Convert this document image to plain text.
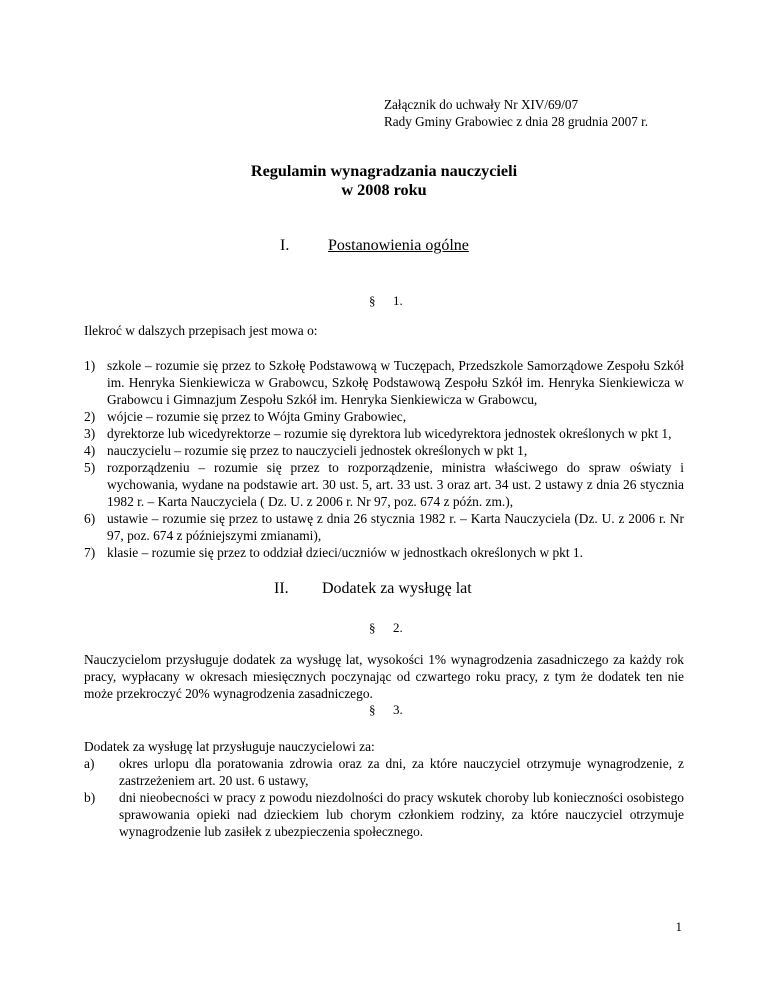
Załącznik do uchwały Nr XIV/69/07
Rady Gminy Grabowiec z dnia 28 grudnia 2007 r.
Regulamin wynagradzania nauczycieli
w 2008 roku
I. Postanowienia ogólne
§ 1.
Ilekroć w dalszych przepisach jest mowa o:
1) szkole – rozumie się przez to Szkołę Podstawową w Tuczępach, Przedszkole Samorządowe Zespołu Szkół im. Henryka Sienkiewicza w Grabowcu, Szkołę Podstawową Zespołu Szkół im. Henryka Sienkiewicza w Grabowcu i Gimnazjum Zespołu Szkół im. Henryka Sienkiewicza w Grabowcu,
2) wójcie – rozumie się przez to Wójta Gminy Grabowiec,
3) dyrektorze lub wicedyrektorze – rozumie się dyrektora lub wicedyrektora jednostek określonych w pkt 1,
4) nauczycielu – rozumie się przez to nauczycieli jednostek określonych w pkt 1,
5) rozporządzeniu – rozumie się przez to rozporządzenie, ministra właściwego do spraw oświaty i wychowania, wydane na podstawie art. 30 ust. 5, art. 33 ust. 3 oraz art. 34 ust. 2 ustawy z dnia 26 stycznia 1982 r. – Karta Nauczyciela ( Dz. U. z 2006 r. Nr 97, poz. 674 z późn. zm.),
6) ustawie – rozumie się przez to ustawę z dnia 26 stycznia 1982 r. – Karta Nauczyciela (Dz. U. z 2006 r. Nr 97, poz. 674 z późniejszymi zmianami),
7) klasie – rozumie się przez to oddział dzieci/uczniów w jednostkach określonych w pkt 1.
II. Dodatek za wysługę lat
§ 2.
Nauczycielom przysługuje dodatek za wysługę lat, wysokości 1% wynagrodzenia zasadniczego za każdy rok pracy, wypłacany w okresach miesięcznych poczynając od czwartego roku pracy, z tym że dodatek ten nie może przekroczyć 20% wynagrodzenia zasadniczego.
§ 3.
Dodatek za wysługę lat przysługuje nauczycielowi za:
a) okres urlopu dla poratowania zdrowia oraz za dni, za które nauczyciel otrzymuje wynagrodzenie, z zastrzeżeniem art. 20 ust. 6 ustawy,
b) dni nieobecności w pracy z powodu niezdolności do pracy wskutek choroby lub konieczności osobistego sprawowania opieki nad dzieckiem lub chorym członkiem rodziny, za które nauczyciel otrzymuje wynagrodzenie lub zasiłek z ubezpieczenia społecznego.
1
